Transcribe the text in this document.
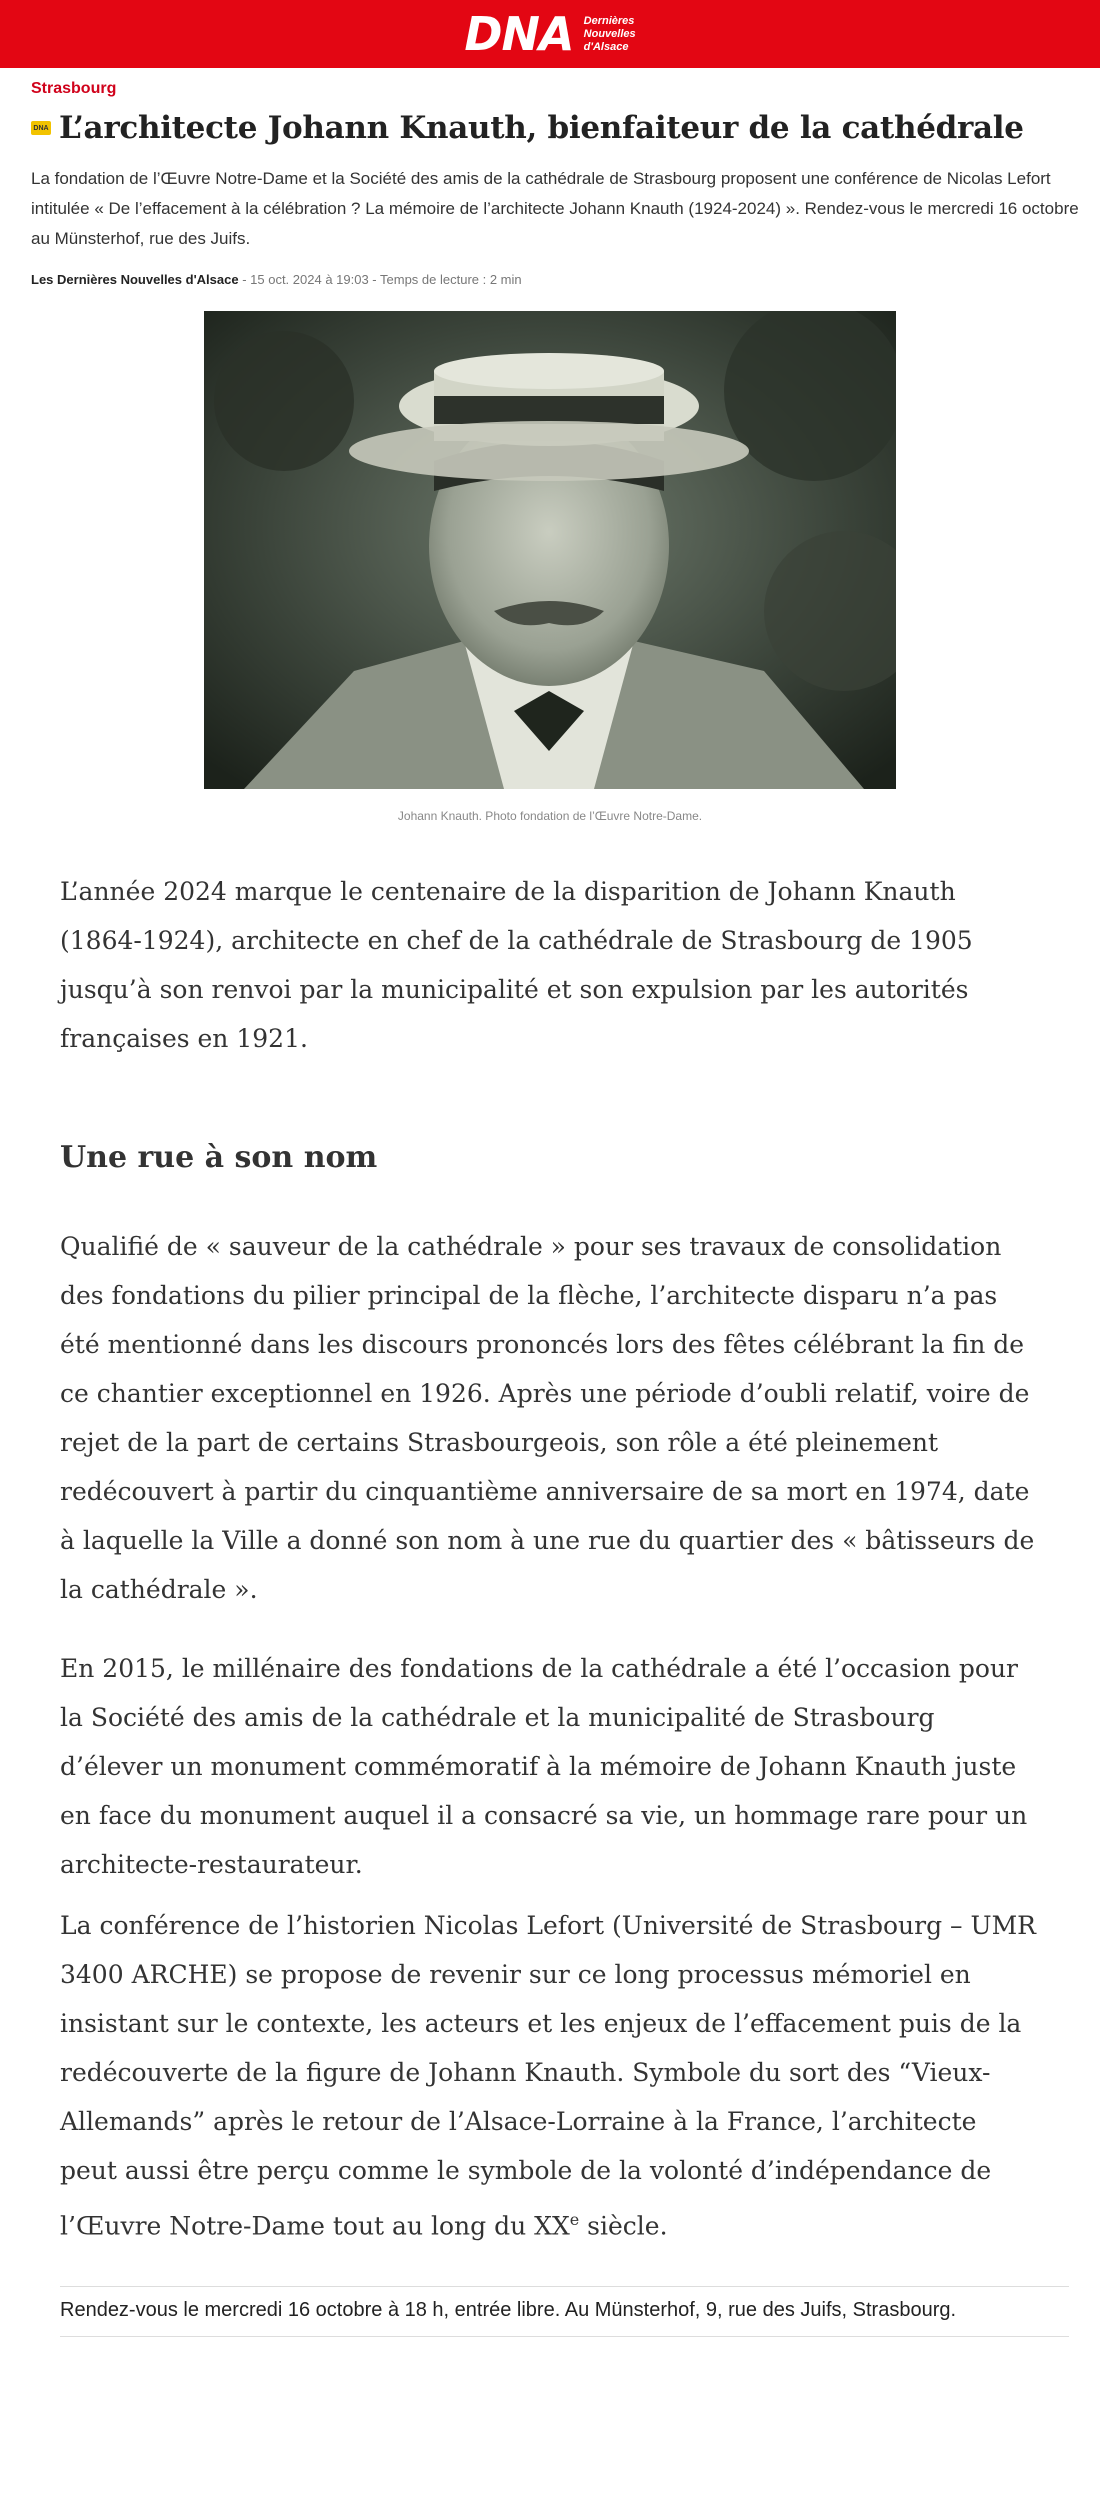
DNA Dernières
Nouvelles
d'Alsace
Strasbourg
DNA L’architecte Johann Knauth, bienfaiteur de la cathédrale

La fondation de l’Œuvre Notre-Dame et la Société des amis de la cathédrale de Strasbourg proposent une conférence de Nicolas Lefort intitulée « De l’effacement à la célébration ? La mémoire de l’architecte Johann Knauth (1924-2024) ». Rendez-vous le mercredi 16 octobre au Münsterhof, rue des Juifs.

Les Dernières Nouvelles d'Alsace - 15 oct. 2024 à 19:03 - Temps de lecture : 2 min
Johann Knauth. Photo fondation de l’Œuvre Notre-Dame.

L’année 2024 marque le centenaire de la disparition de Johann Knauth (1864-1924), architecte en chef de la cathédrale de Strasbourg de 1905 jusqu’à son renvoi par la municipalité et son expulsion par les autorités françaises en 1921.

Une rue à son nom

Qualifié de « sauveur de la cathédrale » pour ses travaux de consolidation des fondations du pilier principal de la flèche, l’architecte disparu n’a pas été mentionné dans les discours prononcés lors des fêtes célébrant la fin de ce chantier exceptionnel en 1926. Après une période d’oubli relatif, voire de rejet de la part de certains Strasbourgeois, son rôle a été pleinement redécouvert à partir du cinquantième anniversaire de sa mort en 1974, date à laquelle la Ville a donné son nom à une rue du quartier des « bâtisseurs de la cathédrale ».

En 2015, le millénaire des fondations de la cathédrale a été l’occasion pour la Société des amis de la cathédrale et la municipalité de Strasbourg d’élever un monument commémoratif à la mémoire de Johann Knauth juste en face du monument auquel il a consacré sa vie, un hommage rare pour un architecte-restaurateur.

La conférence de l’historien Nicolas Lefort (Université de Strasbourg – UMR 3400 ARCHE) se propose de revenir sur ce long processus mémoriel en insistant sur le contexte, les acteurs et les enjeux de l’effacement puis de la redécouverte de la figure de Johann Knauth. Symbole du sort des “Vieux-Allemands” après le retour de l’Alsace-Lorraine à la France, l’architecte peut aussi être perçu comme le symbole de la volonté d’indépendance de l’Œuvre Notre-Dame tout au long du XXe siècle.

Rendez-vous le mercredi 16 octobre à 18 h, entrée libre. Au Münsterhof, 9, rue des Juifs, Strasbourg.
